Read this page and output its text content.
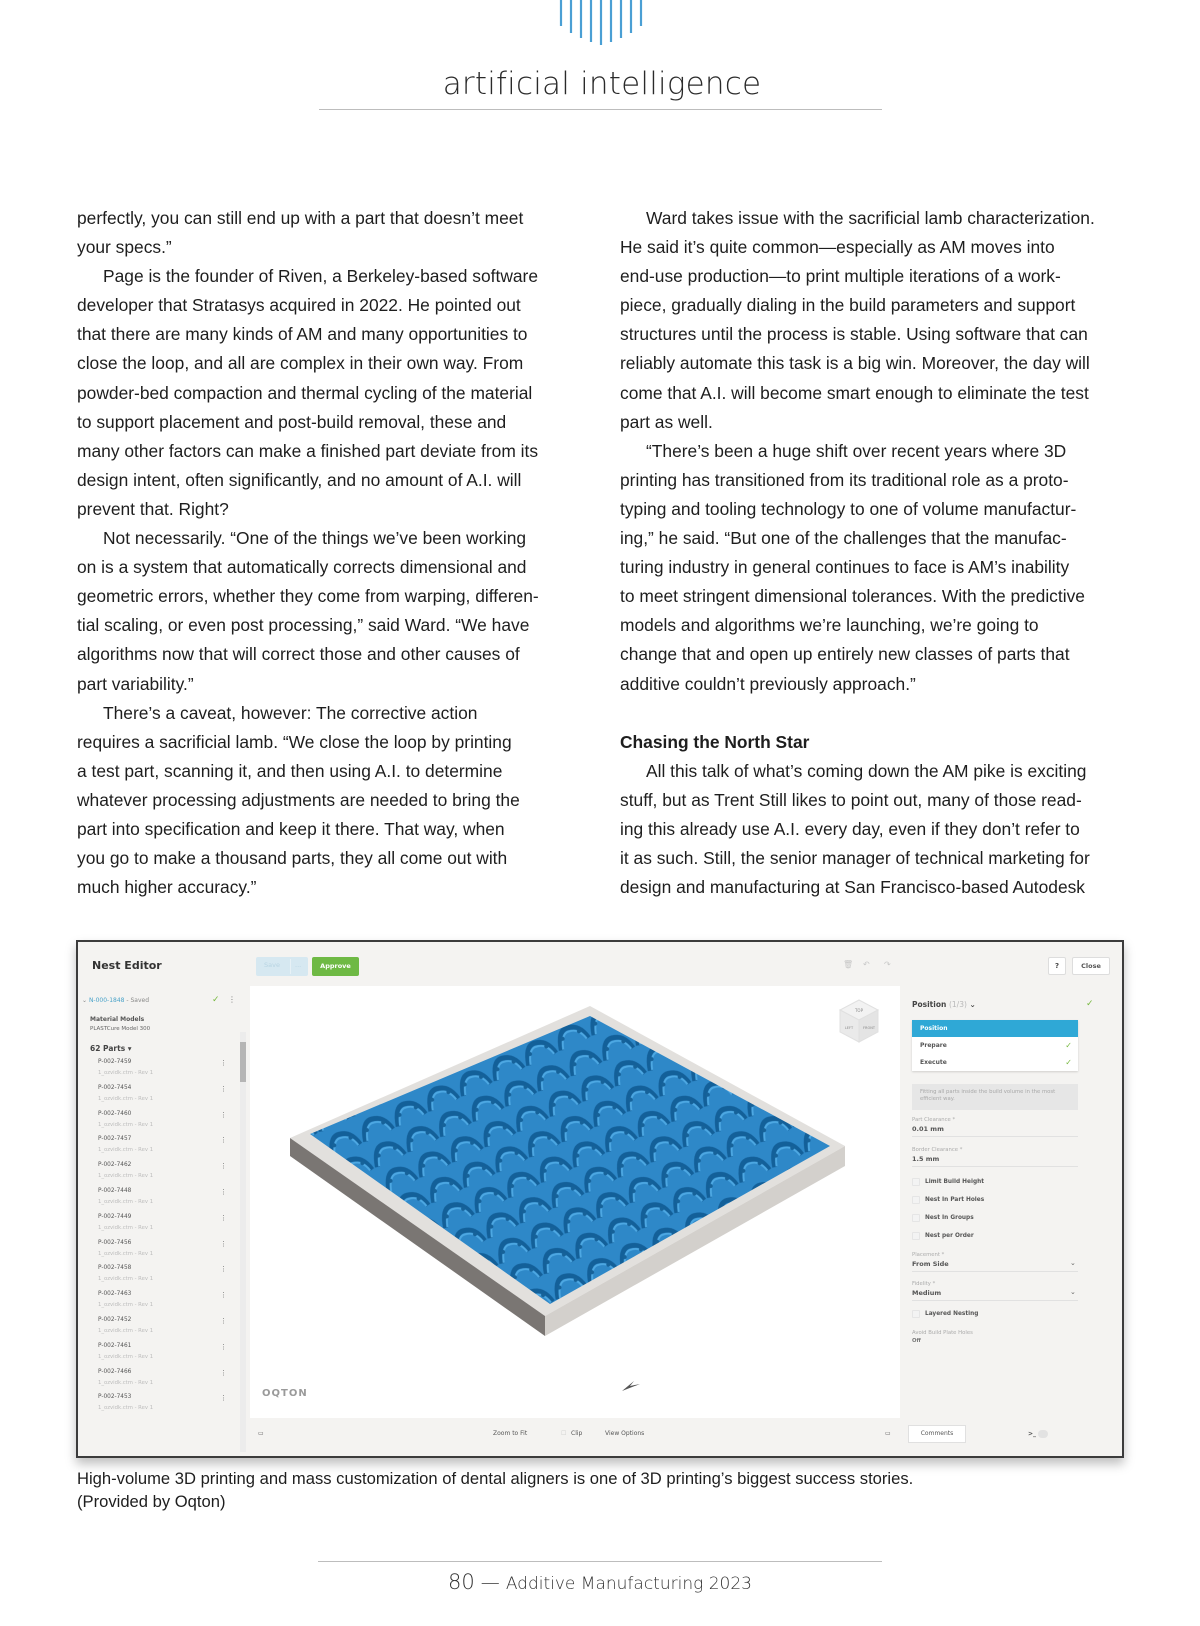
artificial intelligence

perfectly, you can still end up with a part that doesn’t meet
your specs.”

Page is the founder of Riven, a Berkeley-based software
developer that Stratasys acquired in 2022. He pointed out
that there are many kinds of AM and many opportunities to
close the loop, and all are complex in their own way. From
powder-bed compaction and thermal cycling of the material
to support placement and post-build removal, these and
many other factors can make a finished part deviate from its
design intent, often significantly, and no amount of A.I. will
prevent that. Right?

Not necessarily. “One of the things we’ve been working
on is a system that automatically corrects dimensional and
geometric errors, whether they come from warping, differen-
tial scaling, or even post processing,” said Ward. “We have
algorithms now that will correct those and other causes of
part variability.”

There’s a caveat, however: The corrective action
requires a sacrificial lamb. “We close the loop by printing
a test part, scanning it, and then using A.I. to determine
whatever processing adjustments are needed to bring the
part into specification and keep it there. That way, when
you go to make a thousand parts, they all come out with
much higher accuracy.”

Ward takes issue with the sacrificial lamb characterization.
He said it’s quite common—especially as AM moves into
end-use production—to print multiple iterations of a work-
piece, gradually dialing in the build parameters and support
structures until the process is stable. Using software that can
reliably automate this task is a big win. Moreover, the day will
come that A.I. will become smart enough to eliminate the test
part as well.

“There’s been a huge shift over recent years where 3D
printing has transitioned from its traditional role as a proto-
typing and tooling technology to one of volume manufactur-
ing,” he said. “But one of the challenges that the manufac-
turing industry in general continues to face is AM’s inability
to meet stringent dimensional tolerances. With the predictive
models and algorithms we’re launching, we’re going to
change that and open up entirely new classes of parts that
additive couldn’t previously approach.”

Chasing the North Star

All this talk of what’s coming down the AM pike is exciting
stuff, but as Trent Still likes to point out, many of those read-
ing this already use A.I. every day, even if they don’t refer to
it as such. Still, the senior manager of technical marketing for
design and manufacturing at San Francisco-based Autodesk

Nest Editor	Save ...	Approve	🗑 ↶ ↷	?	Close
⌄ N-000-1848 - Saved	✓ ⋮
Material Models
PLASTCure Model 300
62 Parts ▾
P-002-7459
1_ozvidk.ctm - Rev 1
⋮
P-002-7454
1_ozvidk.ctm - Rev 1
⋮
P-002-7460
1_ozvidk.ctm - Rev 1
⋮
P-002-7457
1_ozvidk.ctm - Rev 1
⋮
P-002-7462
1_ozvidk.ctm - Rev 1
⋮
P-002-7448
1_ozvidk.ctm - Rev 1
⋮
P-002-7449
1_ozvidk.ctm - Rev 1
⋮
P-002-7456
1_ozvidk.ctm - Rev 1
⋮
P-002-7458
1_ozvidk.ctm - Rev 1
⋮
P-002-7463
1_ozvidk.ctm - Rev 1
⋮
P-002-7452
1_ozvidk.ctm - Rev 1
⋮
P-002-7461
1_ozvidk.ctm - Rev 1
⋮
P-002-7466
1_ozvidk.ctm - Rev 1
⋮
P-002-7453
1_ozvidk.ctm - Rev 1
⋮
TOP
LEFT	FRONT
OQTON
Position (1/3) ⌄	✓
Position
Prepare	✓
Execute	✓
Fitting all parts inside the build volume in the most efficient way.
Part Clearance *
0.01 mm
Border Clearance *
1.5 mm
Limit Build Height
Nest In Part Holes
Nest In Groups
Nest per Order
Placement *
From Side	⌄
Fidelity *
Medium	⌄
Layered Nesting
Avoid Build Plate Holes
Off
▭	Zoom to Fit	☐ Clip	View Options	▭	Comments	>_
High-volume 3D printing and mass customization of dental aligners is one of 3D printing’s biggest success stories.
(Provided by Oqton)
80 — Additive Manufacturing 2023
